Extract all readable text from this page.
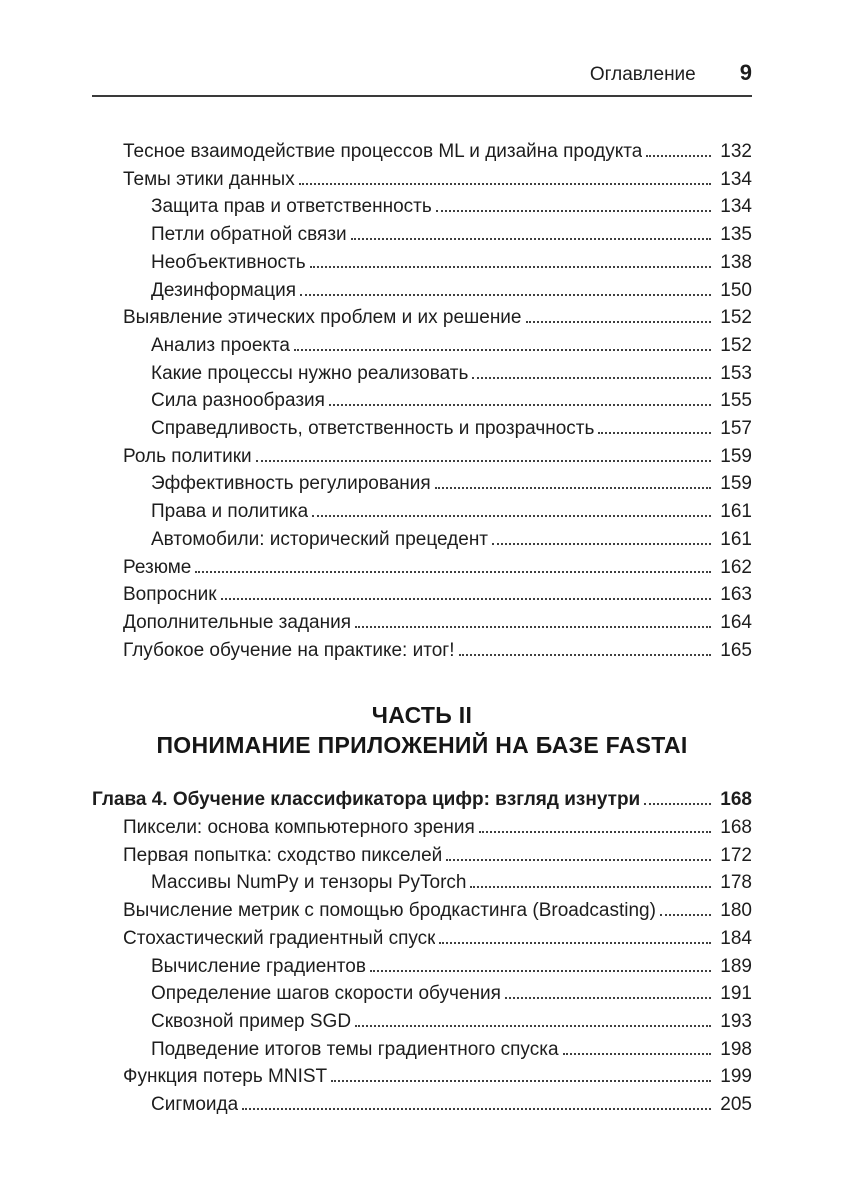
Оглавление 9
Тесное взаимодействие процессов ML и дизайна продукта	132
Темы этики данных	134
Защита прав и ответственность	134
Петли обратной связи	135
Необъективность	138
Дезинформация	150
Выявление этических проблем и их решение	152
Анализ проекта	152
Какие процессы нужно реализовать	153
Сила разнообразия	155
Справедливость, ответственность и прозрачность	157
Роль политики	159
Эффективность регулирования	159
Права и политика	161
Автомобили: исторический прецедент	161
Резюме	162
Вопросник	163
Дополнительные задания	164
Глубокое обучение на практике: итог!	165
ЧАСТЬ II
ПОНИМАНИЕ ПРИЛОЖЕНИЙ НА БАЗЕ FASTAI
Глава 4. Обучение классификатора цифр: взгляд изнутри	168
Пиксели: основа компьютерного зрения	168
Первая попытка: сходство пикселей	172
Массивы NumPy и тензоры PyTorch	178
Вычисление метрик с помощью бродкастинга (Broadcasting)	180
Стохастический градиентный спуск	184
Вычисление градиентов	189
Определение шагов скорости обучения	191
Сквозной пример SGD	193
Подведение итогов темы градиентного спуска	198
Функция потерь MNIST	199
Сигмоида	205
